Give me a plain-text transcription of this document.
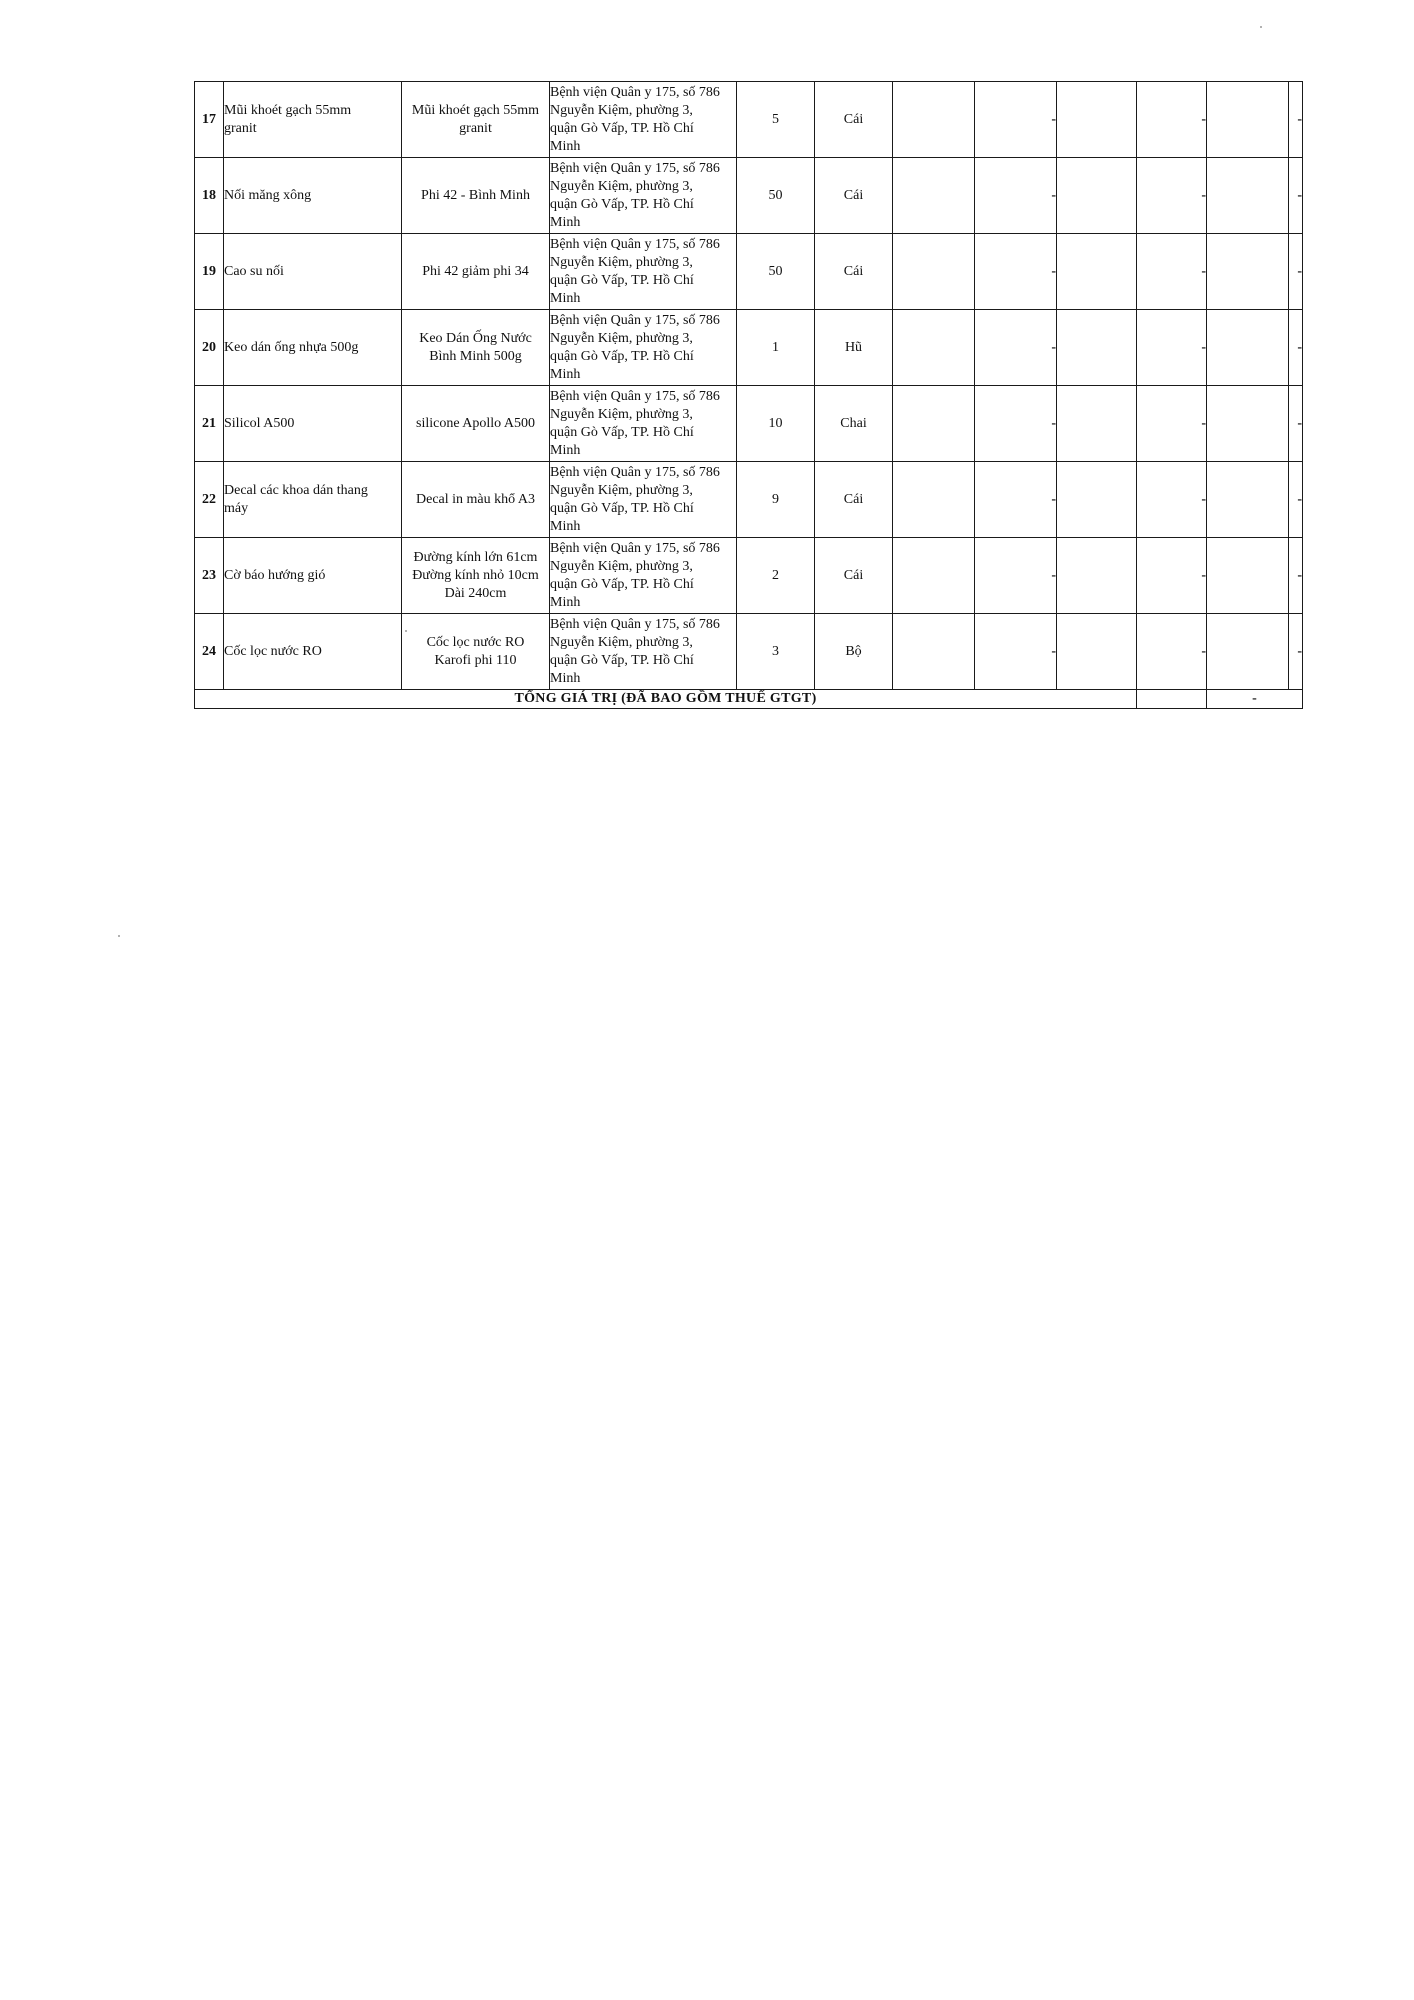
17	Mũi khoét gạch 55mm
granit	Mũi khoét gạch 55mm
granit	Bệnh viện Quân y 175, số 786
Nguyễn Kiệm, phường 3,
quận Gò Vấp, TP. Hồ Chí
Minh	5	Cái		-		-		-

18	Nối măng xông	Phi 42 - Bình Minh	Bệnh viện Quân y 175, số 786
Nguyễn Kiệm, phường 3,
quận Gò Vấp, TP. Hồ Chí
Minh	50	Cái		-		-		-

19	Cao su nối	Phi 42 giảm phi 34	Bệnh viện Quân y 175, số 786
Nguyễn Kiệm, phường 3,
quận Gò Vấp, TP. Hồ Chí
Minh	50	Cái		-		-		-

20	Keo dán ống nhựa 500g	Keo Dán Ống Nước
Bình Minh 500g	Bệnh viện Quân y 175, số 786
Nguyễn Kiệm, phường 3,
quận Gò Vấp, TP. Hồ Chí
Minh	1	Hũ		-		-		-

21	Silicol A500	silicone Apollo A500	Bệnh viện Quân y 175, số 786
Nguyễn Kiệm, phường 3,
quận Gò Vấp, TP. Hồ Chí
Minh	10	Chai		-		-		-

22	Decal các khoa dán thang
máy	Decal in màu khổ A3	Bệnh viện Quân y 175, số 786
Nguyễn Kiệm, phường 3,
quận Gò Vấp, TP. Hồ Chí
Minh	9	Cái		-		-		-

23	Cờ báo hướng gió	Đường kính lớn 61cm
Đường kính nhỏ 10cm
Dài 240cm	Bệnh viện Quân y 175, số 786
Nguyễn Kiệm, phường 3,
quận Gò Vấp, TP. Hồ Chí
Minh	2	Cái		-		-		-

24	Cốc lọc nước RO	Cốc lọc nước RO
Karofi phi 110	Bệnh viện Quân y 175, số 786
Nguyễn Kiệm, phường 3,
quận Gò Vấp, TP. Hồ Chí
Minh	3	Bộ		-		-		-

TỔNG GIÁ TRỊ (ĐÃ BAO GỒM THUẾ GTGT)										-	
